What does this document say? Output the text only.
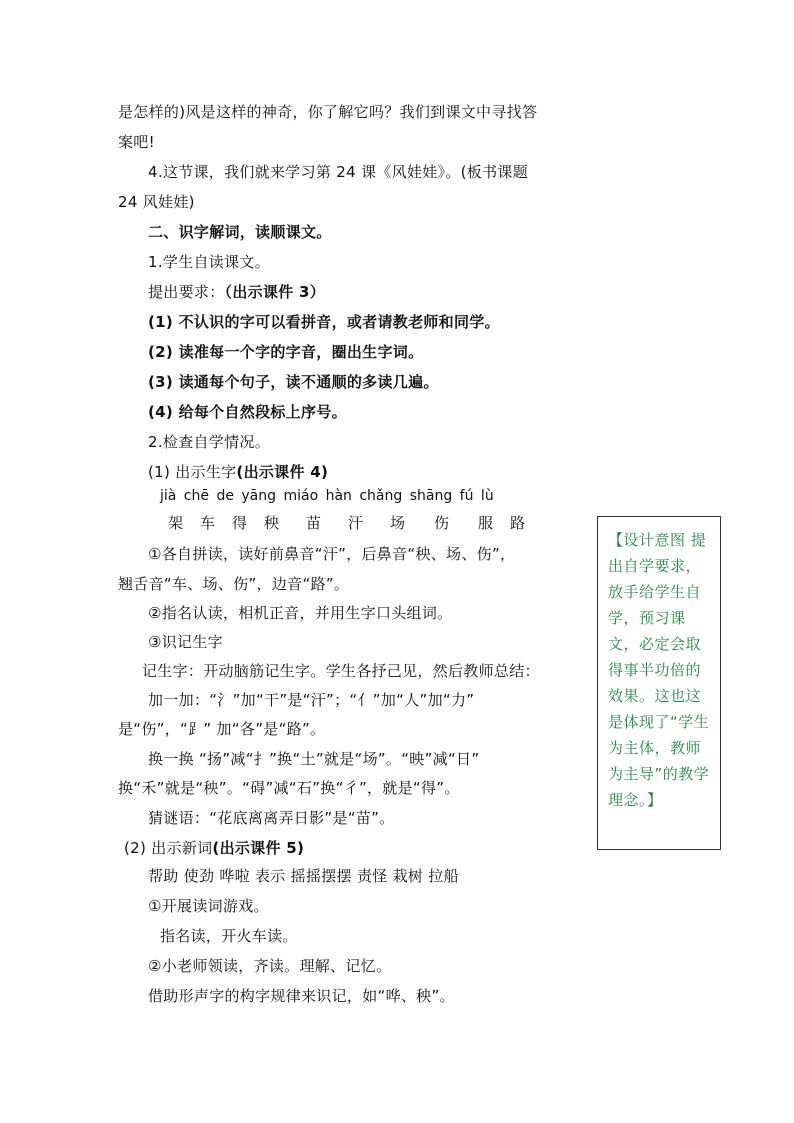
是怎样的)风是这样的神奇，你了解它吗？我们到课文中寻找答
案吧!
4.这节课，我们就来学习第 24 课《风娃娃》。(板书课题
24 风娃娃)
二、识字解词，读顺课文。
1.学生自读课文。
提出要求：（出示课件 3）
(1) 不认识的字可以看拼音，或者请教老师和同学。
(2) 读准每一个字的字音，圈出生字词。
(3) 读通每个句子，读不通顺的多读几遍。
(4) 给每个自然段标上序号。
2.检查自学情况。
(1) 出示生字(出示课件 4)
jià chē de yāng miáo hàn chǎng shāng fú lù
架 车 得 秧 苗 汗 场 伤 服 路
①各自拼读，读好前鼻音“汗”，后鼻音“秧、场、伤”，
翘舌音“车、场、伤”，边音“路”。
②指名认读，相机正音，并用生字口头组词。
③识记生字
记生字：开动脑筋记生字。学生各抒己见，然后教师总结：
加一加：“氵”加“干”是“汗”；“亻”加“人”加“力”
是“伤”，“⻊” 加“各”是“路”。
换一换 “扬”减“扌”换“土”就是“场”。“映”减“日”
换“禾”就是“秧”。“碍”减“石”换“彳”，就是“得”。
猜谜语：“花底离离弄日影”是“苗”。
(2) 出示新词(出示课件 5)
帮助 使劲 哗啦 表示 摇摇摆摆 责怪 栽树 拉船
①开展读词游戏。
指名读，开火车读。
②小老师领读，齐读。理解、记忆。
借助形声字的构字规律来识记，如“哗、秧”。
【设计意图 提出自学要求，放手给学生自学，预习课文，必定会取得事半功倍的效果。这也这是体现了“学生为主体，教师为主导”的教学理念。】
